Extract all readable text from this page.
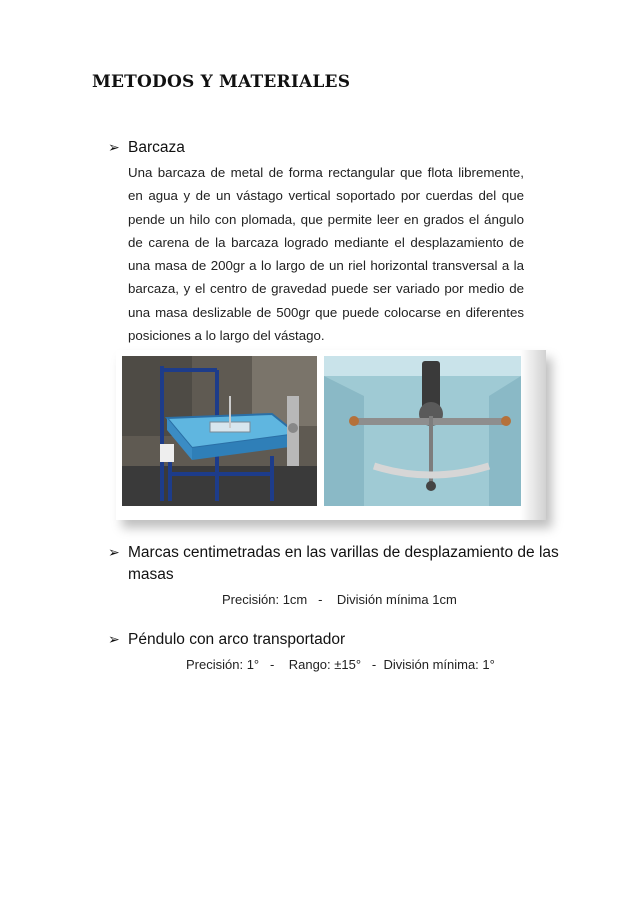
METODOS Y MATERIALES
➢ Barcaza
Una barcaza de metal de forma rectangular que flota libremente, en agua y de un vástago vertical soportado por cuerdas del que pende un hilo con plomada, que permite leer en grados el ángulo de carena de la barcaza logrado mediante el desplazamiento de una masa de 200gr a lo largo de un riel horizontal transversal a la barcaza, y el centro de gravedad puede ser variado por medio de una masa deslizable de 500gr que puede colocarse en diferentes posiciones a lo largo del vástago.
➢ Marcas centimetradas en las varillas de desplazamiento de las
masas
Precisión: 1cm   -    División mínima 1cm
➢ Péndulo con arco transportador
Precisión: 1°   -    Rango: ±15°   -  División mínima: 1°
